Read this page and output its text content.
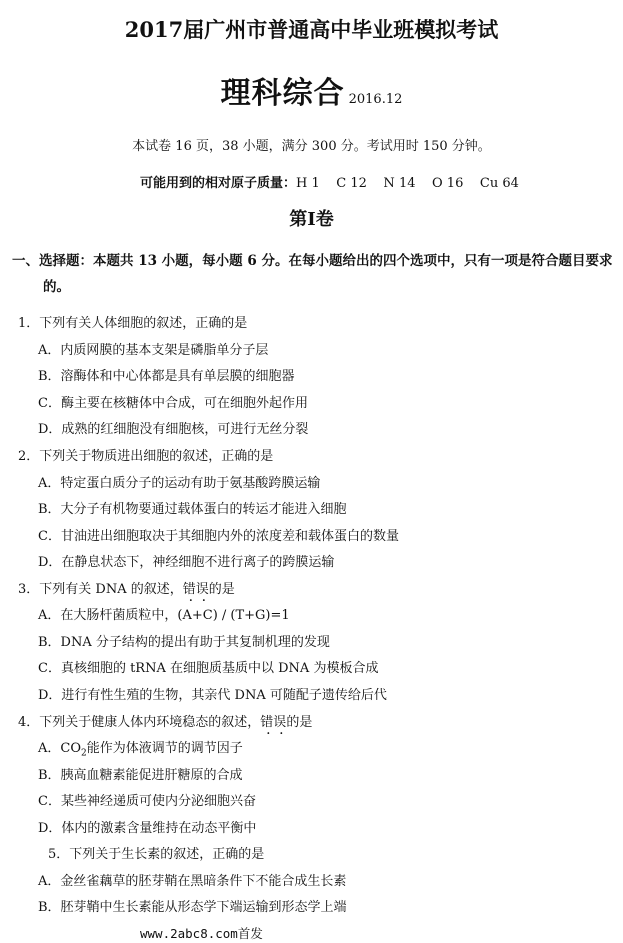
2017届广州市普通高中毕业班模拟考试
理科综合 2016.12
本试卷 16 页，38 小题，满分 300 分。考试用时 150 分钟。
可能用到的相对原子质量：H 1    C 12    N 14    O 16    Cu 64
第I卷
一、选择题：本题共 13 小题，每小题 6 分。在每小题给出的四个选项中，只有一项是符合题目要求
的。
1．下列有关人体细胞的叙述，正确的是
A．内质网膜的基本支架是磷脂单分子层
B．溶酶体和中心体都是具有单层膜的细胞器
C．酶主要在核糖体中合成，可在细胞外起作用
D．成熟的红细胞没有细胞核，可进行无丝分裂
2．下列关于物质进出细胞的叙述，正确的是
A．特定蛋白质分子的运动有助于氨基酸跨膜运输
B．大分子有机物要通过载体蛋白的转运才能进入细胞
C．甘油进出细胞取决于其细胞内外的浓度差和载体蛋白的数量
D．在静息状态下，神经细胞不进行离子的跨膜运输
3．下列有关 DNA 的叙述，错误的是
A．在大肠杆菌质粒中，(A+C) / (T+G)=1
B．DNA 分子结构的提出有助于其复制机理的发现
C．真核细胞的 tRNA 在细胞质基质中以 DNA 为模板合成
D．进行有性生殖的生物，其亲代 DNA 可随配子遗传给后代
4．下列关于健康人体内环境稳态的叙述，错误的是
A．$CO_2$能作为体液调节的调节因子
B．胰高血糖素能促进肝糖原的合成
C．某些神经递质可使内分泌细胞兴奋
D．体内的激素含量维持在动态平衡中
5．下列关于生长素的叙述，正确的是
A．金丝雀藕草的胚芽鞘在黑暗条件下不能合成生长素
B．胚芽鞘中生长素能从形态学下端运输到形态学上端
www.2abc8.com首发
